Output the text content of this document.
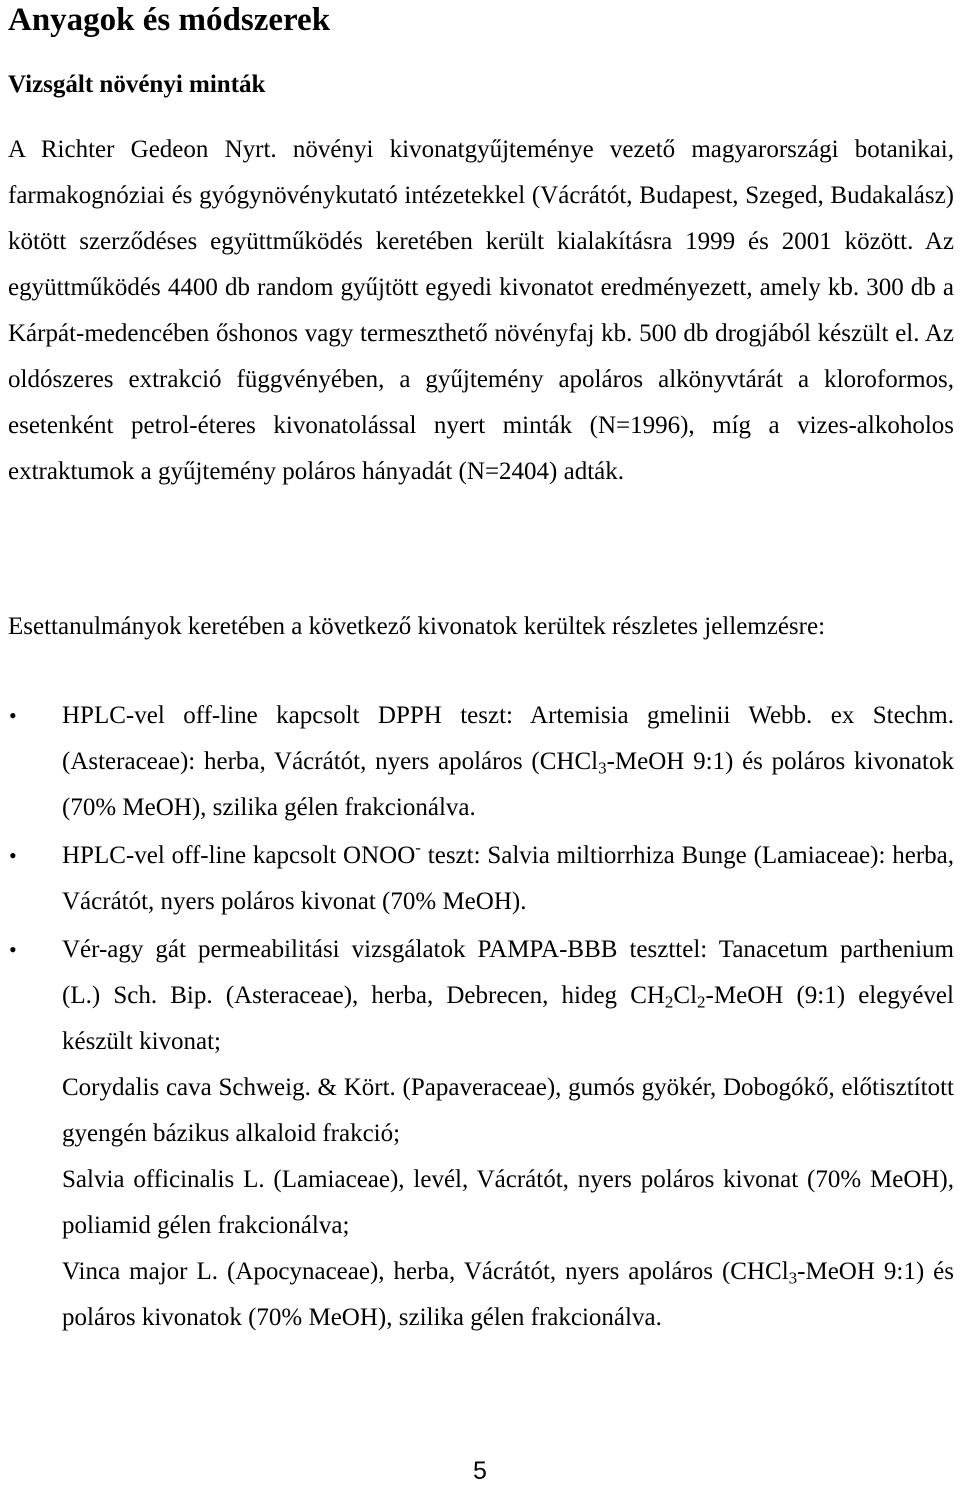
Anyagok és módszerek
Vizsgált növényi minták

A Richter Gedeon Nyrt. növényi kivonatgyűjteménye vezető magyarországi botanikai, farmakognóziai és gyógynövénykutató intézetekkel (Vácrátót, Budapest, Szeged, Budakalász) kötött szerződéses együttműködés keretében került kialakításra 1999 és 2001 között. Az együttműködés 4400 db random gyűjtött egyedi kivonatot eredményezett, amely kb. 300 db a Kárpát-medencében őshonos vagy termeszthető növényfaj kb. 500 db drogjából készült el. Az oldószeres extrakció függvényében, a gyűjtemény apoláros alkönyvtárát a kloroformos, esetenként petrol-éteres kivonatolással nyert minták (N=1996), míg a vizes-alkoholos extraktumok a gyűjtemény poláros hányadát (N=2404) adták.

Esettanulmányok keretében a következő kivonatok kerültek részletes jellemzésre:

• HPLC-vel off-line kapcsolt DPPH teszt: Artemisia gmelinii Webb. ex Stechm. (Asteraceae): herba, Vácrátót, nyers apoláros (CHCl$_3$-MeOH 9:1) és poláros kivonatok (70% MeOH), szilika gélen frakcionálva.
• HPLC-vel off-line kapcsolt ONOO- teszt: Salvia miltiorrhiza Bunge (Lamiaceae): herba, Vácrátót, nyers poláros kivonat (70% MeOH).
• Vér-agy gát permeabilitási vizsgálatok PAMPA-BBB teszttel: Tanacetum parthenium (L.) Sch. Bip. (Asteraceae), herba, Debrecen, hideg $CH_2Cl_2$-MeOH (9:1) elegyével készült kivonat;
Corydalis cava Schweig. & Kört. (Papaveraceae), gumós gyökér, Dobogókő, előtisztított gyengén bázikus alkaloid frakció;
Salvia officinalis L. (Lamiaceae), levél, Vácrátót, nyers poláros kivonat (70% MeOH), poliamid gélen frakcionálva;
Vinca major L. (Apocynaceae), herba, Vácrátót, nyers apoláros (CHCl$_3$-MeOH 9:1) és poláros kivonatok (70% MeOH), szilika gélen frakcionálva.
5
